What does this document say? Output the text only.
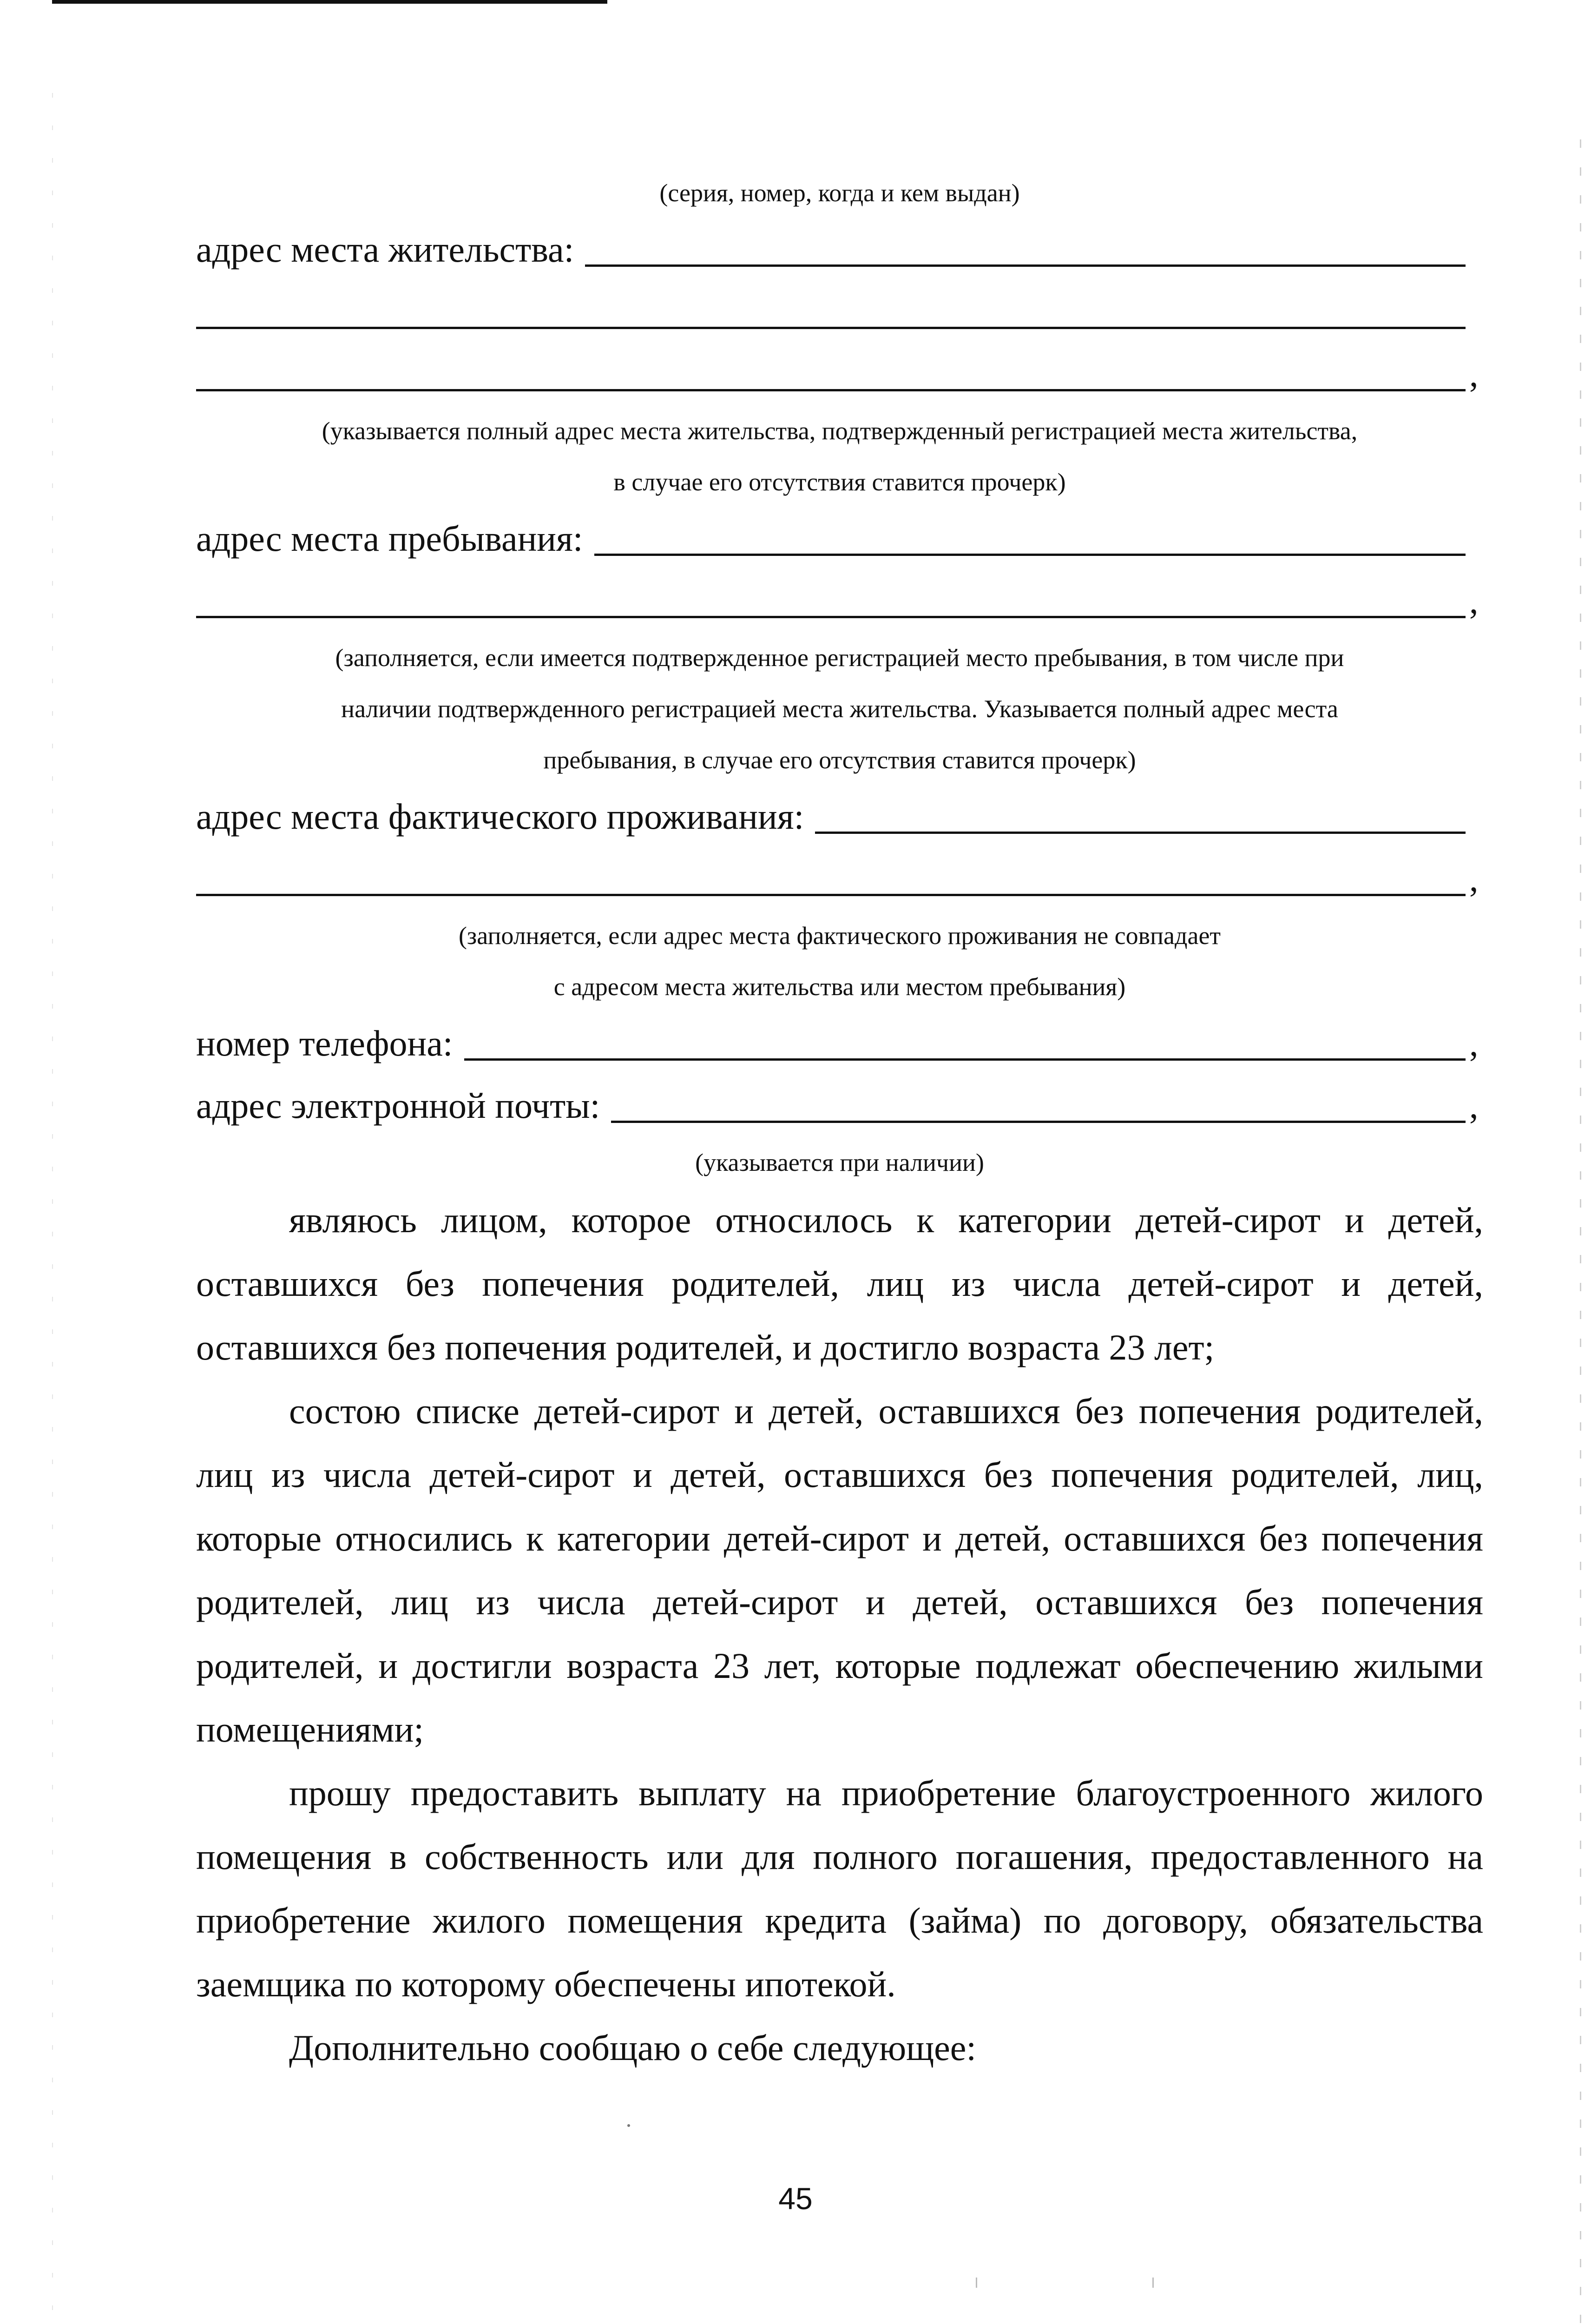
(серия, номер, когда и кем выдан)

адрес места жительства:
,

(указывается полный адрес места жительства, подтвержденный регистрацией места жительства,

в случае его отсутствия ставится прочерк)

адрес места пребывания:
,

(заполняется, если имеется подтвержденное регистрацией место пребывания, в том числе при

наличии подтвержденного регистрацией места жительства. Указывается полный адрес места

пребывания, в случае его отсутствия ставится прочерк)

адрес места фактического проживания:
,

(заполняется, если адрес места фактического проживания не совпадает

с адресом места жительства или местом пребывания)

номер телефона:	,
адрес электронной почты:	,

(указывается при наличии)

являюсь лицом, которое относилось к категории детей-сирот и детей, оставшихся без попечения родителей, лиц из числа детей-сирот и детей, оставшихся без попечения родителей, и достигло возраста 23 лет;

состою списке детей-сирот и детей, оставшихся без попечения родителей, лиц из числа детей-сирот и детей, оставшихся без попечения родителей, лиц, которые относились к категории детей-сирот и детей, оставшихся без попечения родителей, лиц из числа детей-сирот и детей, оставшихся без попечения родителей, и достигли возраста 23 лет, которые подлежат обеспечению жилыми помещениями;

прошу предоставить выплату на приобретение благоустроенного жилого помещения в собственность или для полного погашения, предоставленного на приобретение жилого помещения кредита (займа) по договору, обязательства заемщика по которому обеспечены ипотекой.

Дополнительно сообщаю о себе следующее:

45
